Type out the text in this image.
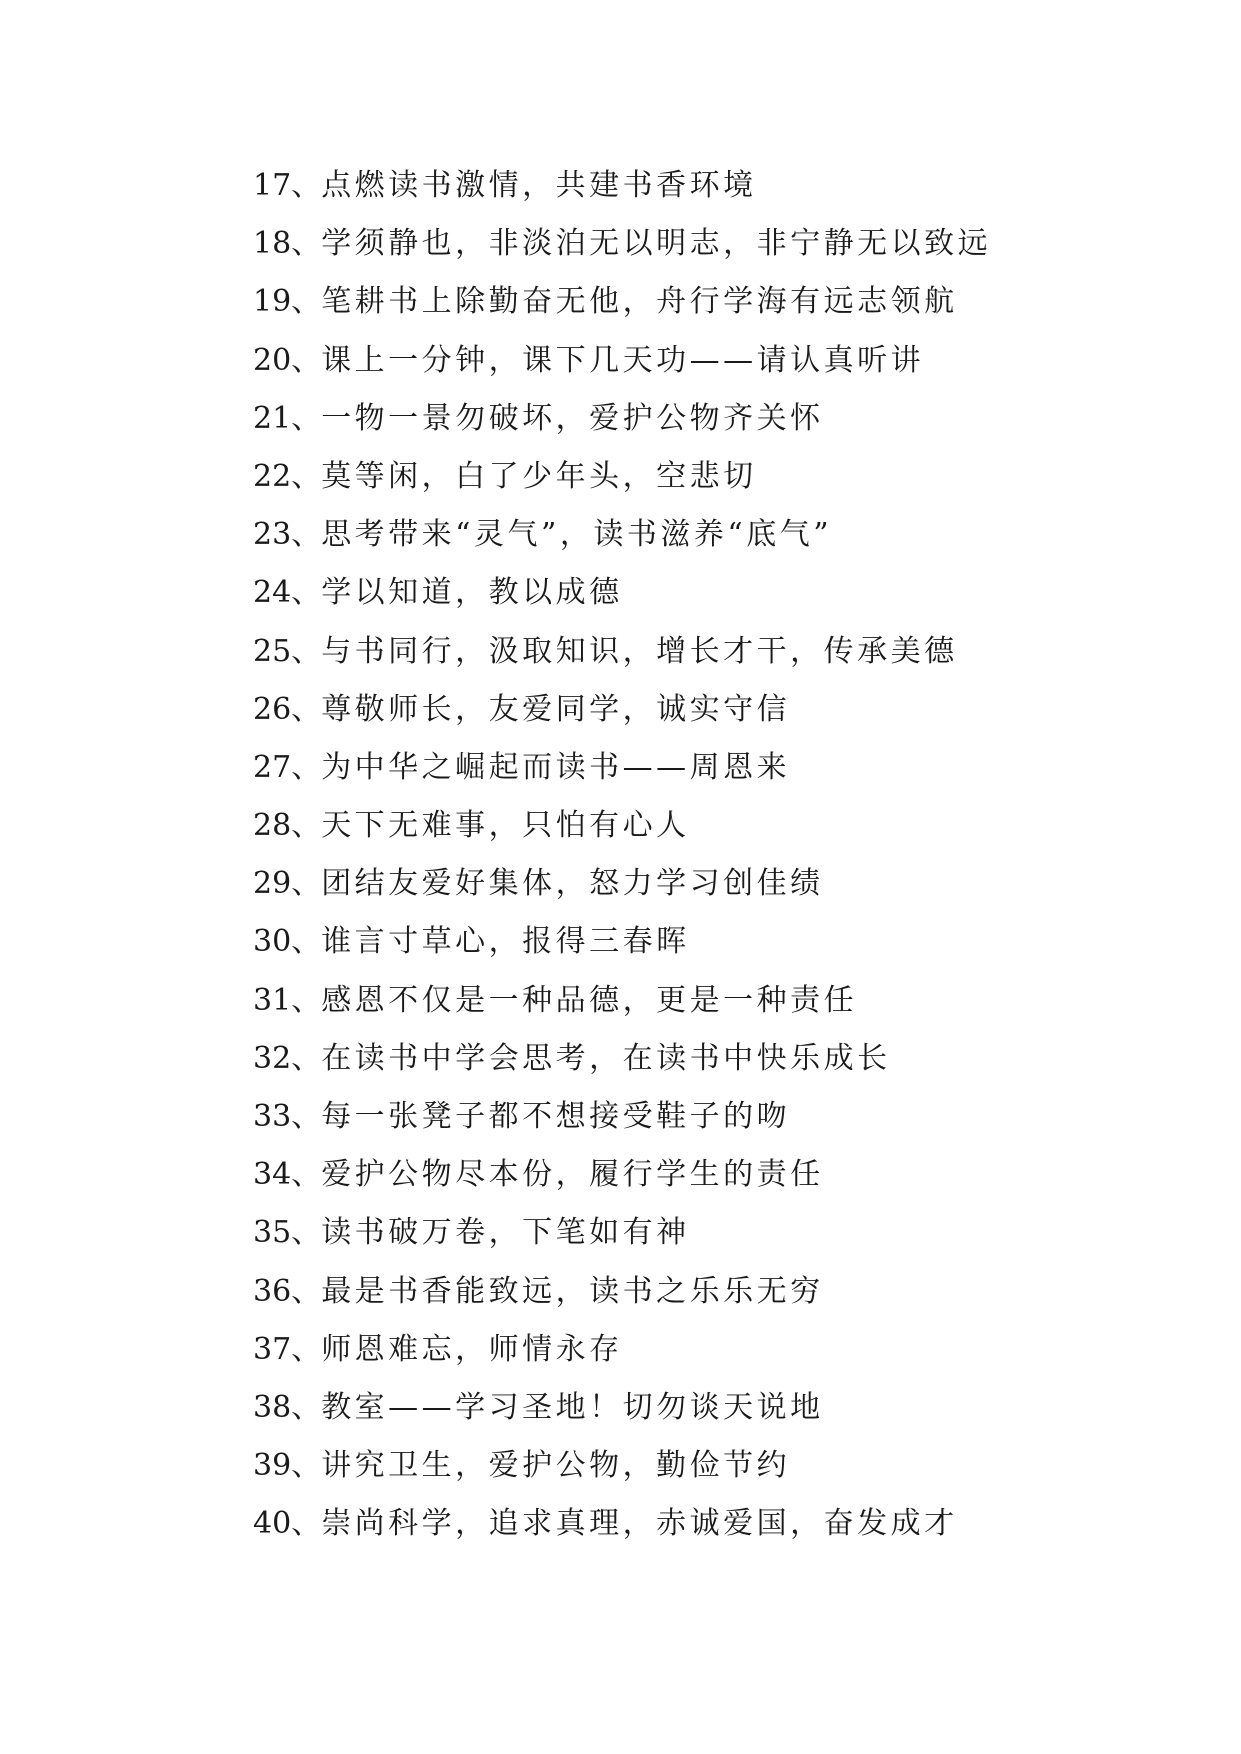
17、点燃读书激情，共建书香环境
18、学须静也，非淡泊无以明志，非宁静无以致远
19、笔耕书上除勤奋无他，舟行学海有远志领航
20、课上一分钟，课下几天功——请认真听讲
21、一物一景勿破坏，爱护公物齐关怀
22、莫等闲，白了少年头，空悲切
23、思考带来“灵气”，读书滋养“底气”
24、学以知道，教以成德
25、与书同行，汲取知识，增长才干，传承美德
26、尊敬师长，友爱同学，诚实守信
27、为中华之崛起而读书——周恩来
28、天下无难事，只怕有心人
29、团结友爱好集体，怒力学习创佳绩
30、谁言寸草心，报得三春晖
31、感恩不仅是一种品德，更是一种责任
32、在读书中学会思考，在读书中快乐成长
33、每一张凳子都不想接受鞋子的吻
34、爱护公物尽本份，履行学生的责任
35、读书破万卷，下笔如有神
36、最是书香能致远，读书之乐乐无穷
37、师恩难忘，师情永存
38、教室——学习圣地！切勿谈天说地
39、讲究卫生，爱护公物，勤俭节约
40、崇尚科学，追求真理，赤诚爱国，奋发成才
